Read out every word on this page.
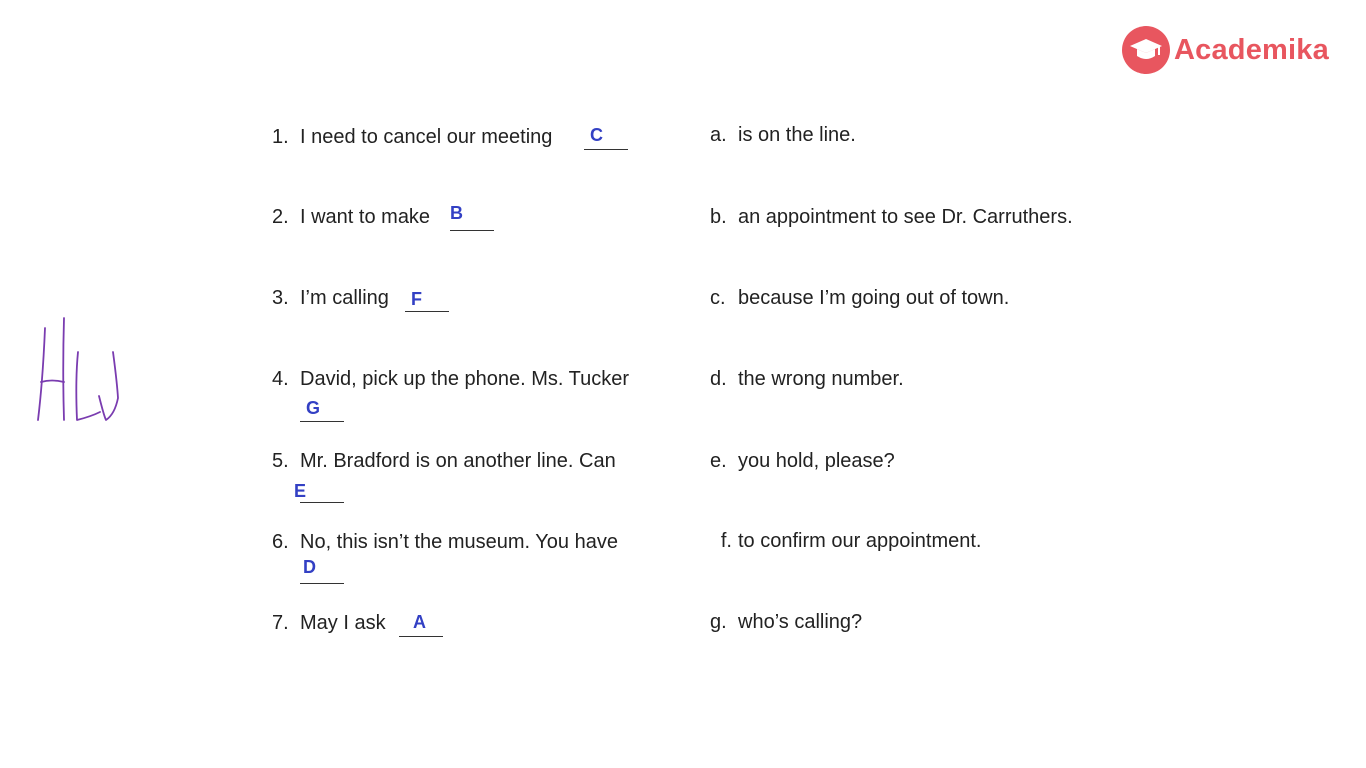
Academika
1. I need to cancel our meeting C
2. I want to make B
3. I’m calling F
4. David, pick up the phone. Ms. Tucker
G
5. Mr. Bradford is on another line. Can
E
6. No, this isn’t the museum. You have
D
7. May I ask A
a. is on the line.
b. an appointment to see Dr. Carruthers.
c. because I’m going out of town.
d. the wrong number.
e. you hold, please?
f. to confirm our appointment.
g. who’s calling?
